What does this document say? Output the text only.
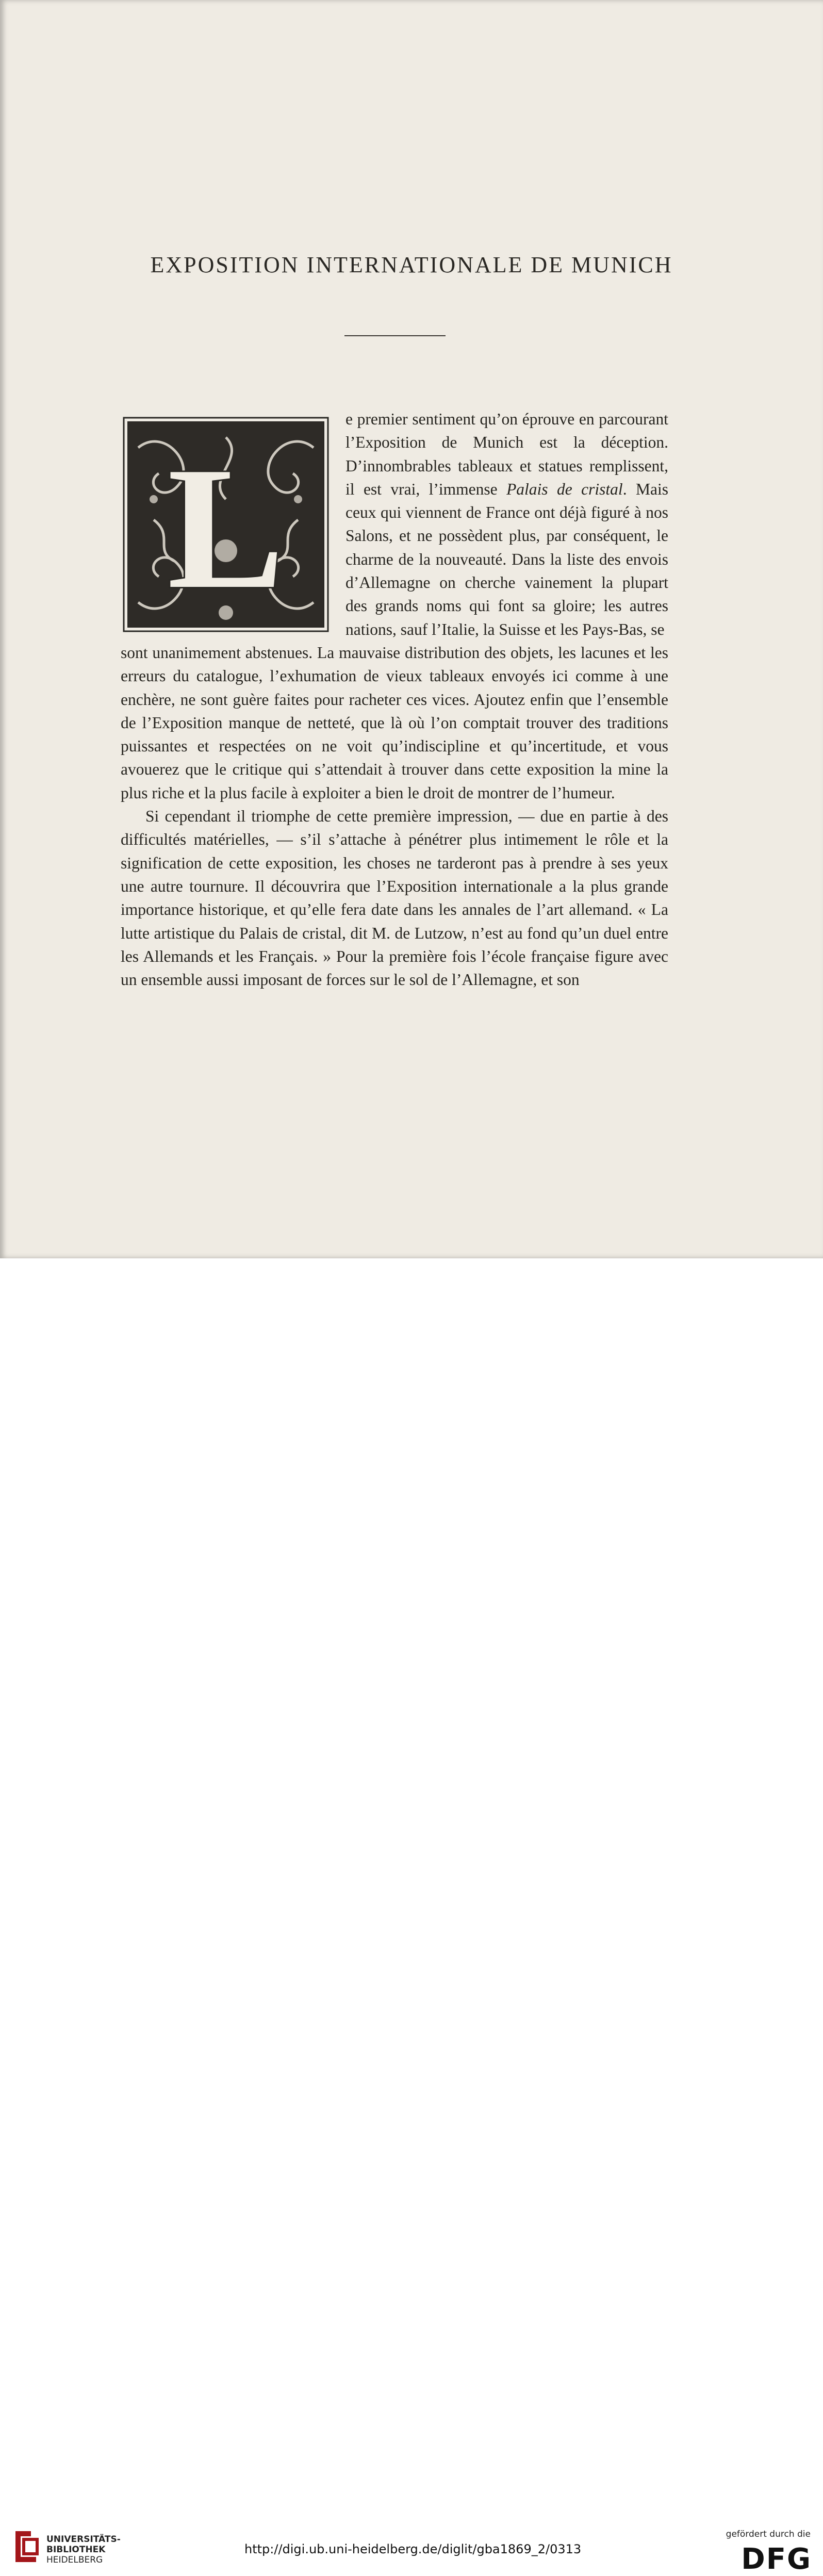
EXPOSITION INTERNATIONALE DE MUNICH
L

e premier sentiment qu’on éprouve en parcourant l’Exposition de Munich est la déception. D’innombrables tableaux et statues remplissent, il est vrai, l’immense Palais de cristal. Mais ceux qui viennent de France ont déjà figuré à nos Salons, et ne possèdent plus, par conséquent, le charme de la nouveauté. Dans la liste des envois d’Allemagne on cherche vainement la plupart des grands noms qui font sa gloire; les autres nations, sauf l’Italie, la Suisse et les Pays-Bas, se

sont unanimement abstenues. La mauvaise distribution des objets, les lacunes et les erreurs du catalogue, l’exhumation de vieux tableaux envoyés ici comme à une enchère, ne sont guère faites pour racheter ces vices. Ajoutez enfin que l’ensemble de l’Exposition manque de netteté, que là où l’on comptait trouver des traditions puissantes et respectées on ne voit qu’indiscipline et qu’incertitude, et vous avouerez que le critique qui s’attendait à trouver dans cette exposition la mine la plus riche et la plus facile à exploiter a bien le droit de montrer de l’humeur.

Si cependant il triomphe de cette première impression, — due en partie à des difficultés matérielles, — s’il s’attache à pénétrer plus intimement le rôle et la signification de cette exposition, les choses ne tarderont pas à prendre à ses yeux une autre tournure. Il découvrira que l’Exposition internationale a la plus grande importance historique, et qu’elle fera date dans les annales de l’art allemand. « La lutte artistique du Palais de cristal, dit M. de Lutzow, n’est au fond qu’un duel entre les Allemands et les Français. » Pour la première fois l’école française figure avec un ensemble aussi imposant de forces sur le sol de l’Allemagne, et son

UNIVERSITÄTS-
BIBLIOTHEK
HEIDELBERG
http://digi.ub.uni-heidelberg.de/diglit/gba1869_2/0313
gefördert durch die
DFG
